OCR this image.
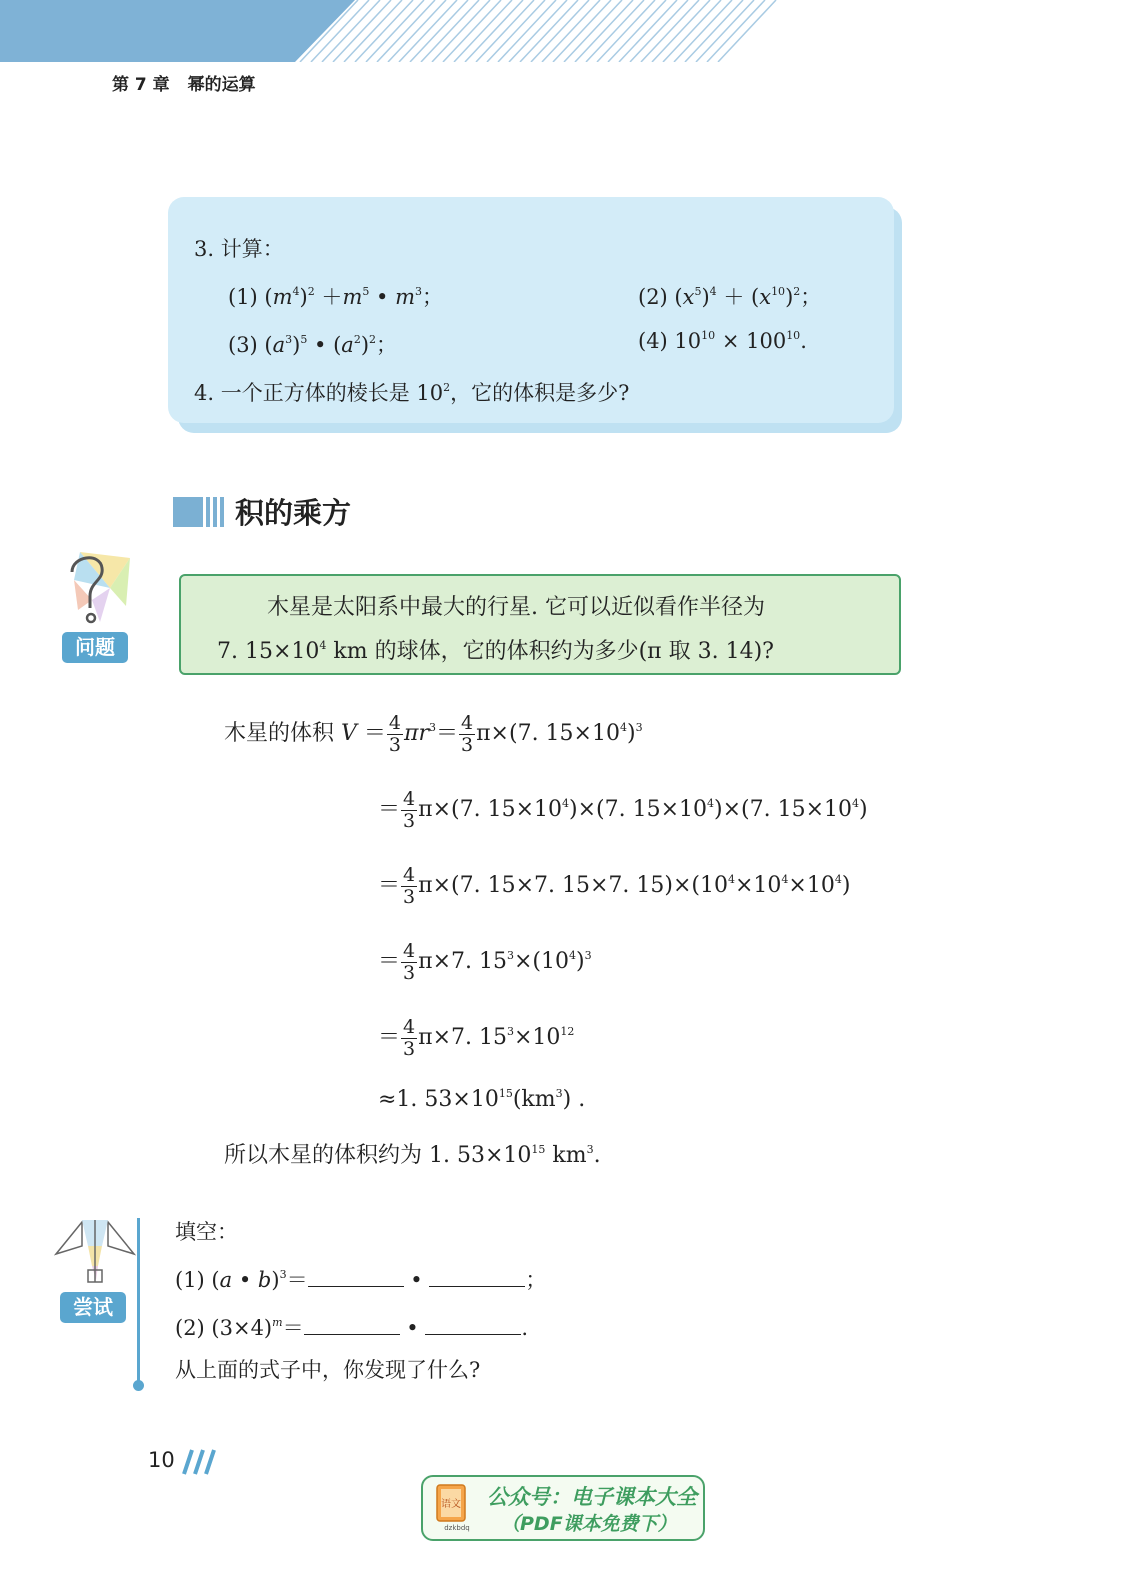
第 7 章 幂的运算
3. 计算：
(1) $(m^4)^2 +m^5$ • $m^3$；	(2) $(x^5)^4 + (x^{10})^2$；
(3) $(a^3)^5$ • $(a^2)^2$；	(4) $10^{10} \times 100^{10}$.
4. 一个正方体的棱长是 $10^2$，它的体积是多少?
积的乘方
问题
木星是太阳系中最大的行星. 它可以近似看作半径为
7. $15\times 10^4$ km 的球体，它的体积约为多少(π 取 3. 14)?
木星的体积 $V = \frac{4}{3} \pi r^3= \frac{4}{3} \pi\times(7$. $15\times 10^4)^3$
＝ $\frac{4}{3} \pi\times(7$. $15\times 10^4)\times(7$. $15\times 10^4)\times(7$. $15\times 10^4$)
＝ $\frac{4}{3} \pi\times(7$. 15×7. 15×7. $15)\times(10^4\times 10^4\times 10^4)$
＝ $\frac{4}{3} \pi\times 7$. $15^3\times(10^4)^3$
＝ $\frac{4}{3} \pi\times 7$. $15^3\times 10^{12}$
≈1. $53\times 10^{15}(km^3)$ .
所以木星的体积约为 1. $53\times 10^{15}$ $km^3$.
尝试
填空：
(1) (a • b)$^3$＝	•	；
(2) $(3\times 4)^m=$	•	.
从上面的式子中，你发现了什么?
10
语文
dzkbdq
公众号：电子课本大全
（PDF课本免费下）
